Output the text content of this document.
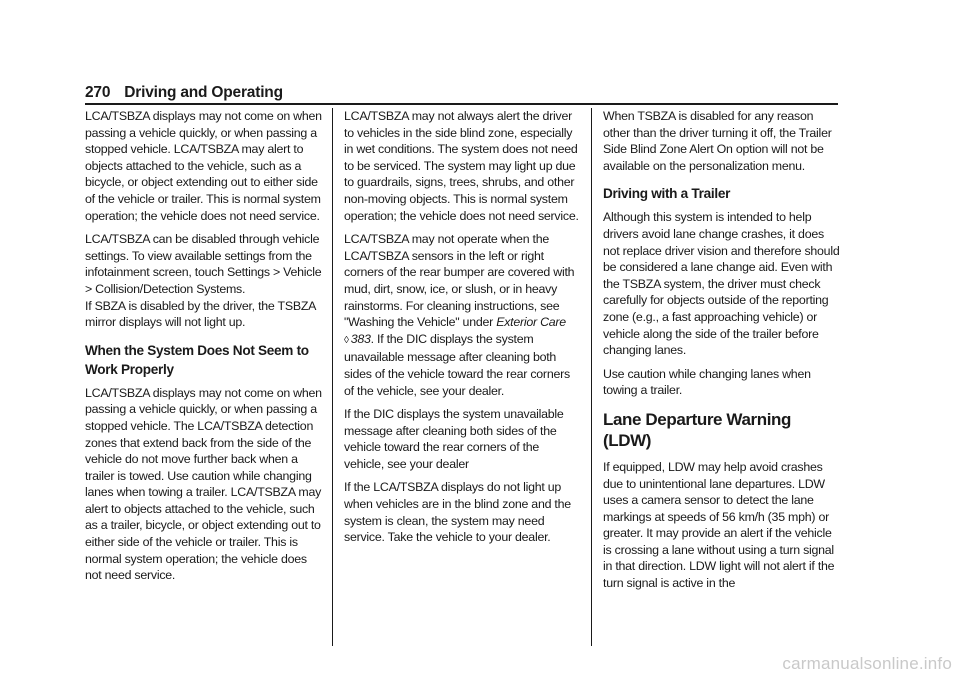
270 Driving and Operating

LCA/TSBZA displays may not come on when passing a vehicle quickly, or when passing a stopped vehicle. LCA/TSBZA may alert to objects attached to the vehicle, such as a bicycle, or object extending out to either side of the vehicle or trailer. This is normal system operation; the vehicle does not need service.

LCA/TSBZA can be disabled through vehicle settings. To view available settings from the infotainment screen, touch Settings > Vehicle > Collision/Detection Systems.
If SBZA is disabled by the driver, the TSBZA mirror displays will not light up.

When the System Does Not Seem to Work Properly

LCA/TSBZA displays may not come on when passing a vehicle quickly, or when passing a stopped vehicle. The LCA/TSBZA detection zones that extend back from the side of the vehicle do not move further back when a trailer is towed. Use caution while changing lanes when towing a trailer. LCA/TSBZA may alert to objects attached to the vehicle, such as a trailer, bicycle, or object extending out to either side of the vehicle or trailer. This is normal system operation; the vehicle does not need service.

LCA/TSBZA may not always alert the driver to vehicles in the side blind zone, especially in wet conditions. The system does not need to be serviced. The system may light up due to guardrails, signs, trees, shrubs, and other non-moving objects. This is normal system operation; the vehicle does not need service.

LCA/TSBZA may not operate when the LCA/TSBZA sensors in the left or right corners of the rear bumper are covered with mud, dirt, snow, ice, or slush, or in heavy rainstorms. For cleaning instructions, see "Washing the Vehicle" under Exterior Care
◊ 383. If the DIC displays the system unavailable message after cleaning both sides of the vehicle toward the rear corners of the vehicle, see your dealer.

If the DIC displays the system unavailable message after cleaning both sides of the vehicle toward the rear corners of the vehicle, see your dealer

If the LCA/TSBZA displays do not light up when vehicles are in the blind zone and the system is clean, the system may need service. Take the vehicle to your dealer.

When TSBZA is disabled for any reason other than the driver turning it off, the Trailer Side Blind Zone Alert On option will not be available on the personalization menu.

Driving with a Trailer

Although this system is intended to help drivers avoid lane change crashes, it does not replace driver vision and therefore should be considered a lane change aid. Even with the TSBZA system, the driver must check carefully for objects outside of the reporting zone (e.g., a fast approaching vehicle) or vehicle along the side of the trailer before changing lanes.

Use caution while changing lanes when towing a trailer.

Lane Departure Warning (LDW)

If equipped, LDW may help avoid crashes due to unintentional lane departures. LDW uses a camera sensor to detect the lane markings at speeds of 56 km/h (35 mph) or greater. It may provide an alert if the vehicle is crossing a lane without using a turn signal in that direction. LDW light will not alert if the turn signal is active in the

carmanualsonline.info
